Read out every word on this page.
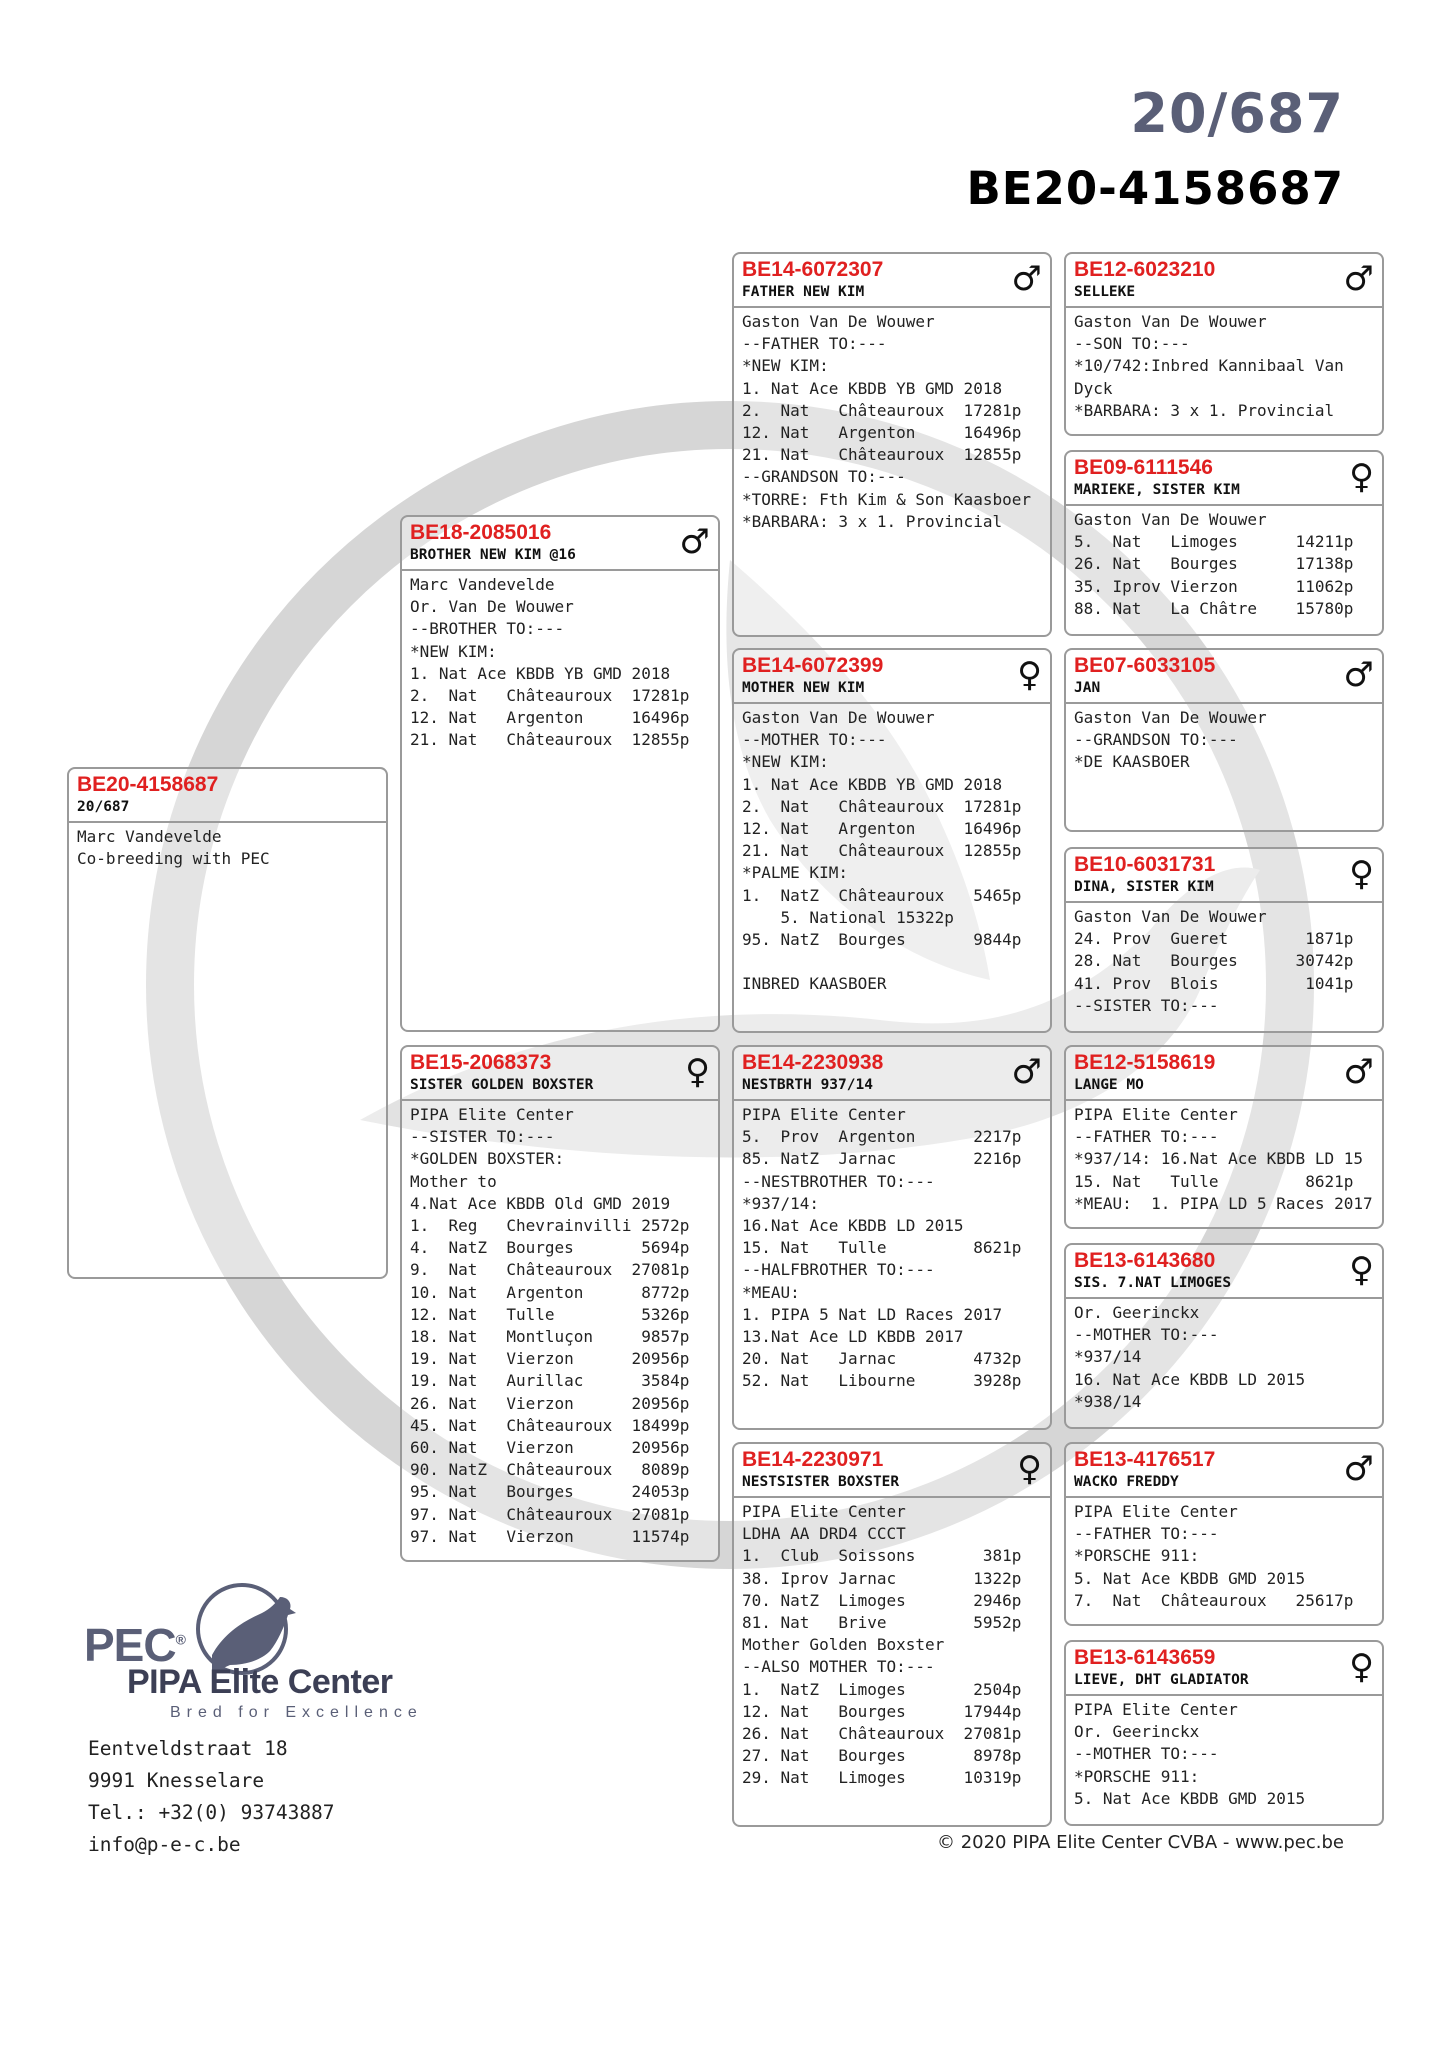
20/687
BE20-4158687
BE20-4158687
20/687
Marc Vandevelde
Co-breeding with PEC
BE18-2085016
BROTHER NEW KIM @16	♂
Marc Vandevelde
Or. Van De Wouwer
--BROTHER TO:---
*NEW KIM:
1. Nat Ace KBDB YB GMD 2018
2.  Nat   Châteauroux  17281p
12. Nat   Argenton     16496p
21. Nat   Châteauroux  12855p
BE15-2068373
SISTER GOLDEN BOXSTER	♀
PIPA Elite Center
--SISTER TO:---
*GOLDEN BOXSTER:
Mother to
4.Nat Ace KBDB Old GMD 2019
1.  Reg   Chevrainvilli 2572p
4.  NatZ  Bourges       5694p
9.  Nat   Châteauroux  27081p
10. Nat   Argenton      8772p
12. Nat   Tulle         5326p
18. Nat   Montluçon     9857p
19. Nat   Vierzon      20956p
19. Nat   Aurillac      3584p
26. Nat   Vierzon      20956p
45. Nat   Châteauroux  18499p
60. Nat   Vierzon      20956p
90. NatZ  Châteauroux   8089p
95. Nat   Bourges      24053p
97. Nat   Châteauroux  27081p
97. Nat   Vierzon      11574p
BE14-6072307
FATHER NEW KIM	♂
Gaston Van De Wouwer
--FATHER TO:---
*NEW KIM:
1. Nat Ace KBDB YB GMD 2018
2.  Nat   Châteauroux  17281p
12. Nat   Argenton     16496p
21. Nat   Châteauroux  12855p
--GRANDSON TO:---
*TORRE: Fth Kim & Son Kaasboer
*BARBARA: 3 x 1. Provincial
BE14-6072399
MOTHER NEW KIM	♀
Gaston Van De Wouwer
--MOTHER TO:---
*NEW KIM:
1. Nat Ace KBDB YB GMD 2018
2.  Nat   Châteauroux  17281p
12. Nat   Argenton     16496p
21. Nat   Châteauroux  12855p
*PALME KIM:
1.  NatZ  Châteauroux   5465p
5. National 15322p
95. NatZ  Bourges       9844p

INBRED KAASBOER
BE14-2230938
NESTBRTH 937/14	♂
PIPA Elite Center
5.  Prov  Argenton      2217p
85. NatZ  Jarnac        2216p
--NESTBROTHER TO:---
*937/14:
16.Nat Ace KBDB LD 2015
15. Nat   Tulle         8621p
--HALFBROTHER TO:---
*MEAU:
1. PIPA 5 Nat LD Races 2017
13.Nat Ace LD KBDB 2017
20. Nat   Jarnac        4732p
52. Nat   Libourne      3928p
BE14-2230971
NESTSISTER BOXSTER	♀
PIPA Elite Center
LDHA AA DRD4 CCCT
1.  Club  Soissons       381p
38. Iprov Jarnac        1322p
70. NatZ  Limoges       2946p
81. Nat   Brive         5952p
Mother Golden Boxster
--ALSO MOTHER TO:---
1.  NatZ  Limoges       2504p
12. Nat   Bourges      17944p
26. Nat   Châteauroux  27081p
27. Nat   Bourges       8978p
29. Nat   Limoges      10319p
BE12-6023210
SELLEKE	♂
Gaston Van De Wouwer
--SON TO:---
*10/742:Inbred Kannibaal Van
Dyck
*BARBARA: 3 x 1. Provincial
BE09-6111546
MARIEKE, SISTER KIM	♀
Gaston Van De Wouwer
5.  Nat   Limoges      14211p
26. Nat   Bourges      17138p
35. Iprov Vierzon      11062p
88. Nat   La Châtre    15780p
BE07-6033105
JAN	♂
Gaston Van De Wouwer
--GRANDSON TO:---
*DE KAASBOER
BE10-6031731
DINA, SISTER KIM	♀
Gaston Van De Wouwer
24. Prov  Gueret        1871p
28. Nat   Bourges      30742p
41. Prov  Blois         1041p
--SISTER TO:---
BE12-5158619
LANGE MO	♂
PIPA Elite Center
--FATHER TO:---
*937/14: 16.Nat Ace KBDB LD 15
15. Nat   Tulle         8621p
*MEAU:  1. PIPA LD 5 Races 2017
BE13-6143680
SIS. 7.NAT LIMOGES	♀
Or. Geerinckx
--MOTHER TO:---
*937/14
16. Nat Ace KBDB LD 2015
*938/14
BE13-4176517
WACKO FREDDY	♂
PIPA Elite Center
--FATHER TO:---
*PORSCHE 911:
5. Nat Ace KBDB GMD 2015
7.  Nat  Châteauroux   25617p
BE13-6143659
LIEVE, DHT GLADIATOR	♀
PIPA Elite Center
Or. Geerinckx
--MOTHER TO:---
*PORSCHE 911:
5. Nat Ace KBDB GMD 2015
PEC®
PIPA Elite Center
Bred for Excellence
Eentveldstraat 18
9991 Knesselare
Tel.: +32(0) 93743887
info@p-e-c.be	© 2020 PIPA Elite Center CVBA - www.pec.be
